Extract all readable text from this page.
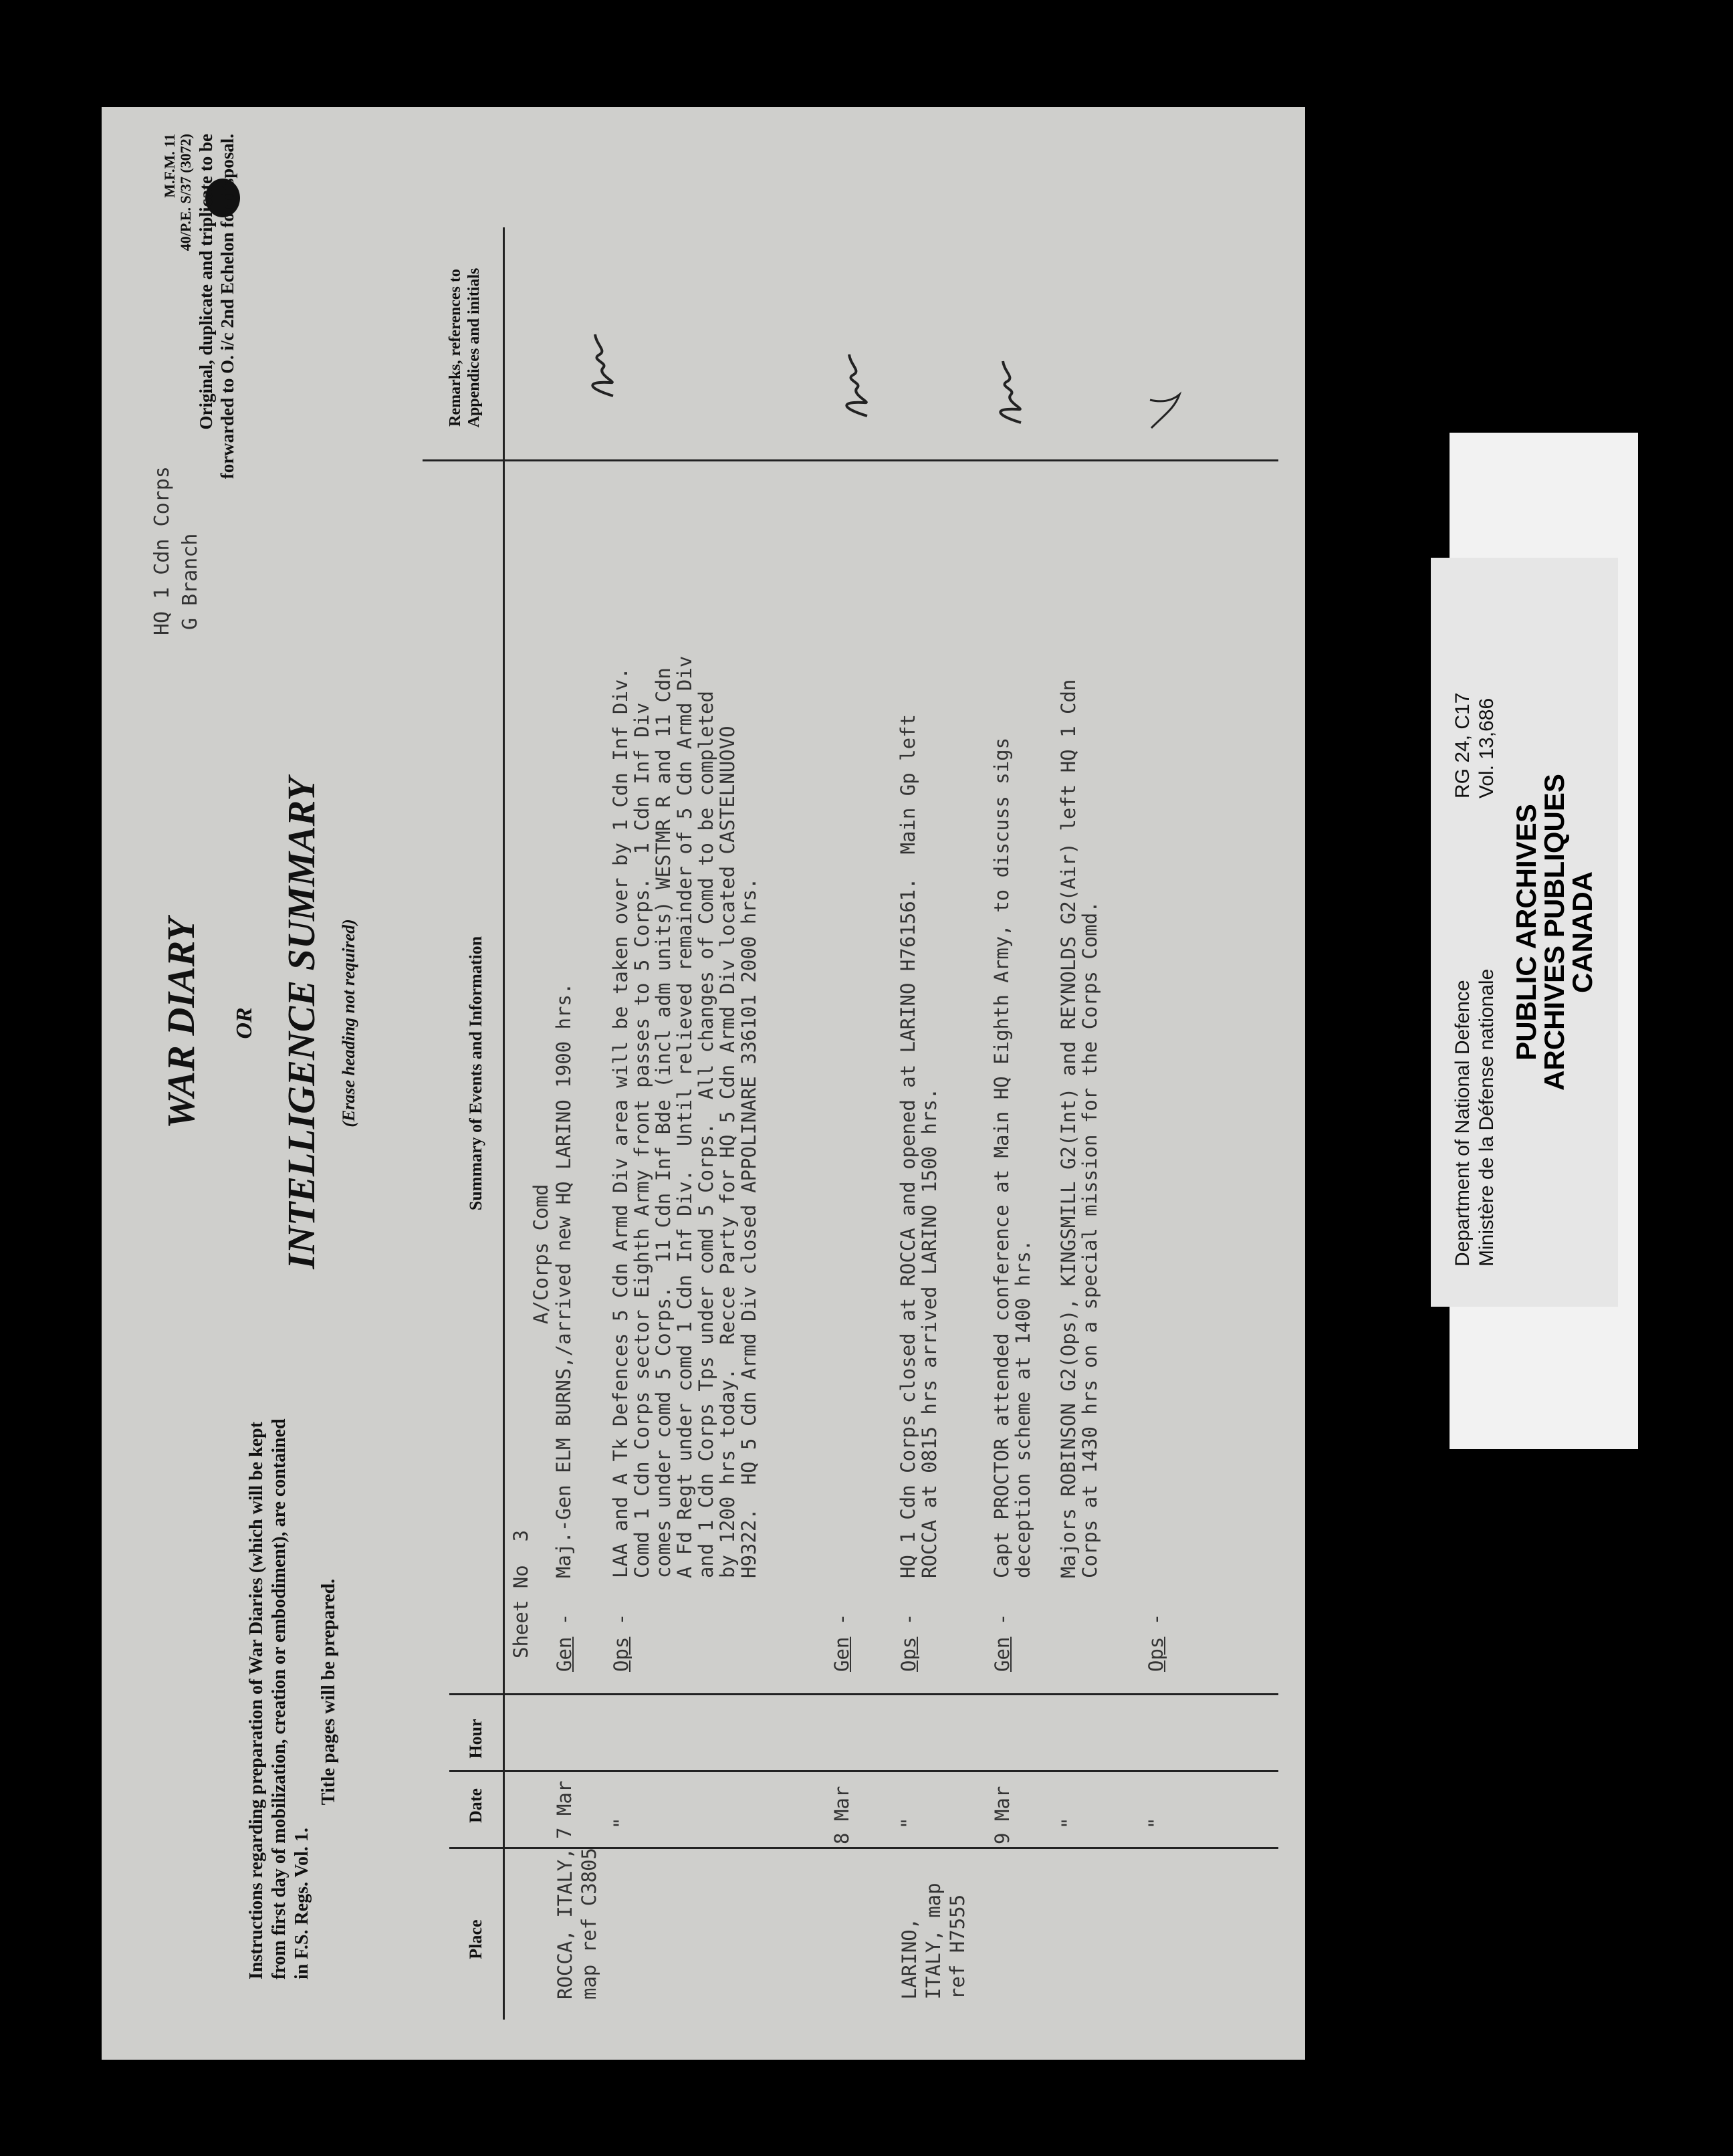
Instructions regarding preparation of War Diaries (which will be kept from first day of mobilization, creation or embodiment), are contained in F.S. Regs. Vol. 1.
Title pages will be prepared.
WAR DIARY OR INTELLIGENCE SUMMARY (Erase heading not required)
HQ 1 Cdn Corps G Branch
M.F.M. 11 40/P.E. S/37 (3072) Original, duplicate and triplicate to be forwarded to O. i/c 2nd Echelon for disposal.
Place
Date
Hour
Summary of Events and Information
Remarks, references to Appendices and initials
Sheet No  3
ROCCA, ITALY, map ref C3805
7 Mar
Gen -
A/Corps Comd Maj.-Gen ELM BURNS,/arrived new HQ LARINO 1900 hrs.
"
Ops -
LAA and A Tk Defences 5 Cdn Armd Div area will be taken over by 1 Cdn Inf Div.
Comd 1 Cdn Corps sector Eighth Army front passes to 5 Corps.  1 Cdn Inf Div
comes under comd 5 Corps.  11 Cdn Inf Bde (incl adm units) WESTMR R and 11 Cdn
A Fd Regt under comd 1 Cdn Inf Div.  Until relieved remainder of 5 Cdn Armd Div
and 1 Cdn Corps Tps under comd 5 Corps.  All changes of Comd to be completed
by 1200 hrs today.  Recce Party for HQ 5 Cdn Armd Div located CASTELNUOVO
H9322.  HQ 5 Cdn Armd Div closed APPOLINARE 336101 2000 hrs.
8 Mar
Gen -
LARINO, ITALY, map ref H7555
"
Ops -
HQ 1 Cdn Corps closed at ROCCA and opened at LARINO H761561.  Main Gp left
ROCCA at 0815 hrs arrived LARINO 1500 hrs.
9 Mar
Gen -
Capt PROCTOR attended conference at Main HQ Eighth Army, to discuss sigs
deception scheme at 1400 hrs.
"
Majors ROBINSON G2(Ops), KINGSMILL G2(Int) and REYNOLDS G2(Air) left HQ 1 Cdn
Corps at 1430 hrs on a special mission for the Corps Comd.
"
Ops -
Department of National Defence Ministère de la Défense nationale
RG 24, C17 Vol. 13,686
PUBLIC ARCHIVES
ARCHIVES PUBLIQUES
CANADA
